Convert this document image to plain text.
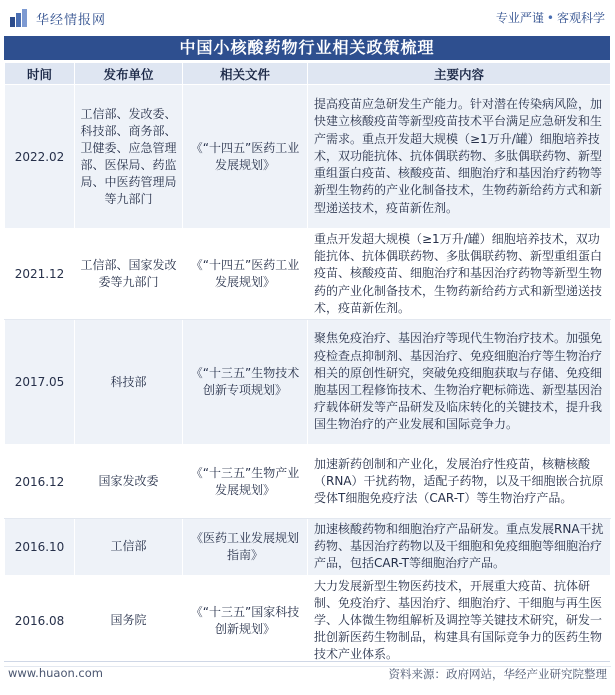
华经情报网	专业严谨 • 客观科学
中国小核酸药物行业相关政策梳理
时间	发布单位	相关文件	主要内容
2022.02	工信部、发改委、科技部、商务部、卫健委、应急管理部、医保局、药监局、中医药管理局等九部门	《“十四五”医药工业发展规划》	提高疫苗应急研发生产能力。针对潜在传染病风险，加快建立核酸疫苗等新型疫苗技术平台满足应急研发和生产需求。重点开发超大规模（≥1万升/罐）细胞培养技术，双功能抗体、抗体偶联药物、多肽偶联药物、新型重组蛋白疫苗、核酸疫苗、细胞治疗和基因治疗药物等新型生物药的产业化制备技术，生物药新给药方式和新型递送技术，疫苗新佐剂。
2021.12	工信部、国家发改委等九部门	《“十四五”医药工业发展规划》	重点开发超大规模（≥1万升/罐）细胞培养技术，双功能抗体、抗体偶联药物、多肽偶联药物、新型重组蛋白疫苗、核酸疫苗、细胞治疗和基因治疗药物等新型生物药的产业化制备技术，生物药新给药方式和新型递送技术，疫苗新佐剂。
2017.05	科技部	《“十三五”生物技术创新专项规划》	聚焦免疫治疗、基因治疗等现代生物治疗技术。加强免疫检查点抑制剂、基因治疗、免疫细胞治疗等生物治疗相关的原创性研究，突破免疫细胞获取与存储、免疫细胞基因工程修饰技术、生物治疗靶标筛选、新型基因治疗载体研发等产品研发及临床转化的关键技术，提升我国生物治疗的产业发展和国际竞争力。
2016.12	国家发改委	《“十三五”生物产业发展规划》	加速新药创制和产业化，发展治疗性疫苗，核糖核酸（RNA）干扰药物，适配子药物，以及干细胞嵌合抗原受体T细胞免疫疗法（CAR-T）等生物治疗产品。
2016.10	工信部	《医药工业发展规划指南》	加速核酸药物和细胞治疗产品研发。重点发展RNA干扰药物、基因治疗药物以及干细胞和免疫细胞等细胞治疗产品，包括CAR-T等细胞治疗产品。
2016.08	国务院	《“十三五”国家科技创新规划》	大力发展新型生物医药技术，开展重大疫苗、抗体研制、免疫治疗、基因治疗、细胞治疗、干细胞与再生医学、人体微生物组解析及调控等关键技术研究，研发一批创新医药生物制品，构建具有国际竞争力的医药生物技术产业体系。
www.huaon.com	资料来源：政府网站，华经产业研究院整理
